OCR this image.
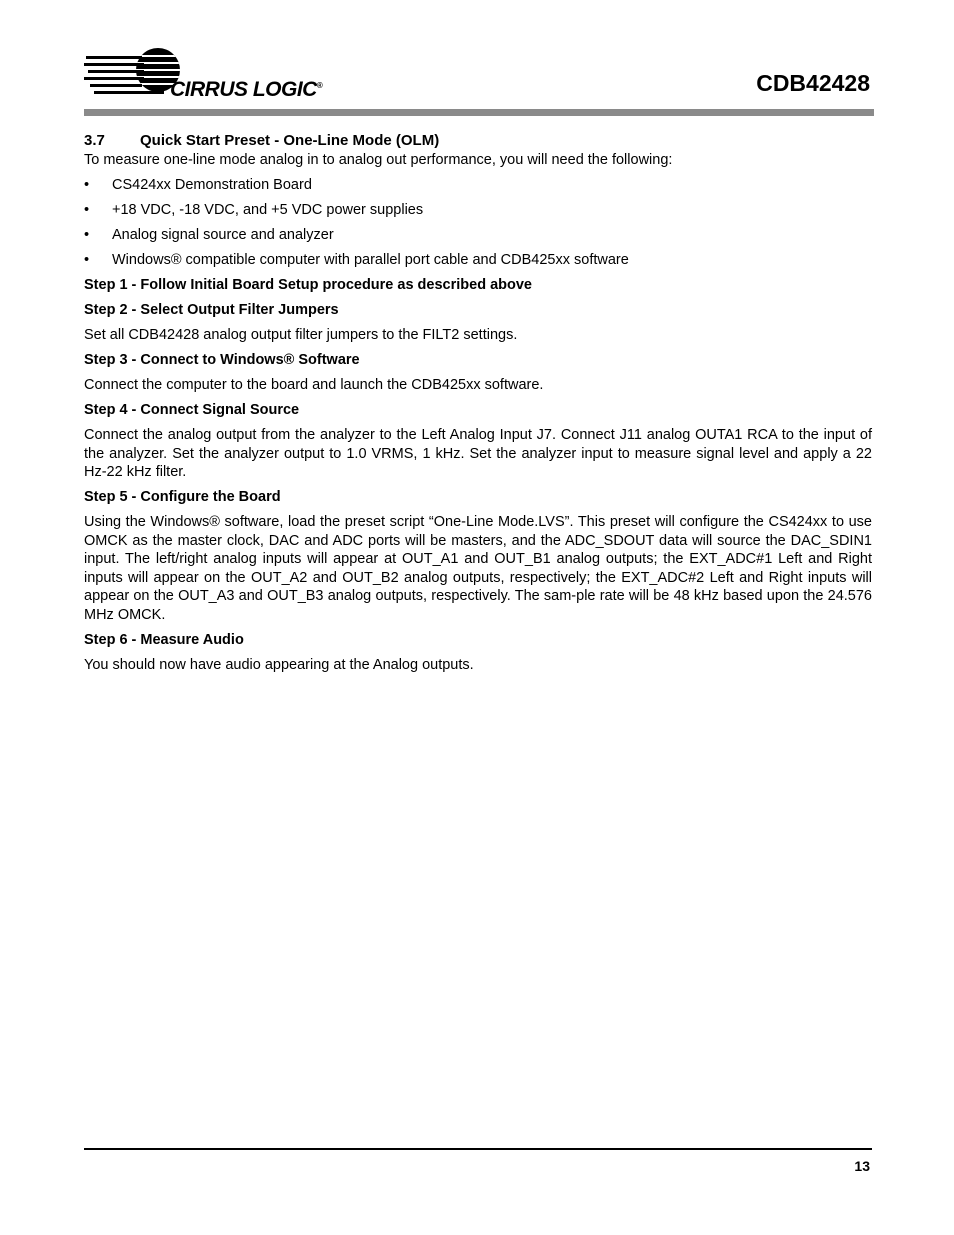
CIRRUS LOGIC®	CDB42428
3.7 Quick Start Preset - One-Line Mode (OLM)

To measure one-line mode analog in to analog out performance, you will need the following:

• CS424xx Demonstration Board
• +18 VDC, -18 VDC, and +5 VDC power supplies
• Analog signal source and analyzer
• Windows® compatible computer with parallel port cable and CDB425xx software

Step 1 - Follow Initial Board Setup procedure as described above

Step 2 - Select Output Filter Jumpers

Set all CDB42428 analog output filter jumpers to the FILT2 settings.

Step 3 - Connect to Windows® Software

Connect the computer to the board and launch the CDB425xx software.

Step 4 - Connect Signal Source

Connect the analog output from the analyzer to the Left Analog Input J7. Connect J11 analog OUTA1 RCA to the input of the analyzer. Set the analyzer output to 1.0 VRMS, 1 kHz. Set the analyzer input to measure signal level and apply a 22 Hz-22 kHz filter.

Step 5 - Configure the Board

Using the Windows® software, load the preset script “One-Line Mode.LVS”. This preset will configure the CS424xx to use OMCK as the master clock, DAC and ADC ports will be masters, and the ADC_SDOUT data will source the DAC_SDIN1 input. The left/right analog inputs will appear at OUT_A1 and OUT_B1 analog outputs; the EXT_ADC#1 Left and Right inputs will appear on the OUT_A2 and OUT_B2 analog outputs, respectively; the EXT_ADC#2 Left and Right inputs will appear on the OUT_A3 and OUT_B3 analog outputs, respectively. The sam-ple rate will be 48 kHz based upon the 24.576 MHz OMCK.

Step 6 - Measure Audio

You should now have audio appearing at the Analog outputs.

13
